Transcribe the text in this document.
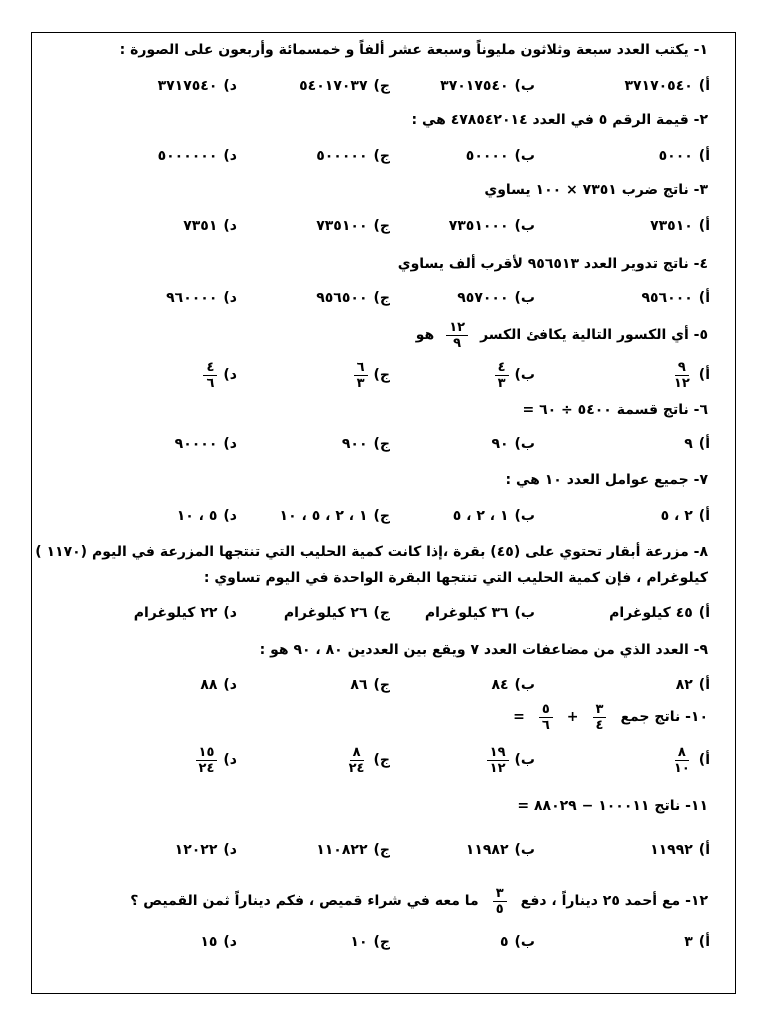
١- يكتب العدد سبعة وثلاثون مليوناً وسبعة عشر ألفاً و خمسمائة وأربعون على الصورة :
أ)
٣٧١٧٠٥٤٠
ب)
٣٧٠١٧٥٤٠
ج)
٥٤٠١٧٠٣٧
د)
٣٧١٧٥٤٠
٢- قيمة الرقم ٥ في العدد ٤٧٨٥٤٢٠١٤ هي :
أ)
٥٠٠٠
ب)
٥٠٠٠٠
ج)
٥٠٠٠٠٠
د)
٥٠٠٠٠٠٠
٣- ناتج ضرب ٧٣٥١ × ١٠٠ يساوي
أ)
٧٣٥١٠
ب)
٧٣٥١٠٠٠
ج)
٧٣٥١٠٠
د)
٧٣٥١
٤- ناتج تدوير العدد ٩٥٦٥١٣ لأقرب ألف يساوي
أ)
٩٥٦٠٠٠
ب)
٩٥٧٠٠٠
ج)
٩٥٦٥٠٠
د)
٩٦٠٠٠٠
٥- أي الكسور التالية يكافئ الكسر
$\frac{١٢}{٩}$
هو
أ)
$\frac{٩}{١٢}$
ب)
$\frac{٤}{٣}$
ج)
$\frac{٦}{٣}$
د)
$\frac{٤}{٦}$
٦- ناتج قسمة ٥٤٠٠ ÷ ٦٠ =
أ)
٩
ب)
٩٠
ج)
٩٠٠
د)
٩٠٠٠٠
٧- جميع عوامل العدد ١٠ هي :
أ)
٢ ، ٥
ب)
١ ، ٢ ، ٥
ج)
١ ، ٢ ، ٥ ، ١٠
د)
٥ ، ١٠
٨- مزرعة أبقار تحتوي على (٤٥) بقرة ،إذا كانت كمية الحليب التي تنتجها المزرعة في اليوم (١١٧٠ )
كيلوغرام ، فإن كمية الحليب التي تنتجها البقرة الواحدة في اليوم تساوي :
أ)
٤٥ كيلوغرام
ب)
٣٦ كيلوغرام
ج)
٢٦ كيلوغرام
د)
٢٢ كيلوغرام
٩- العدد الذي من مضاعفات العدد ٧ ويقع بين العددين ٨٠ ، ٩٠ هو :
أ)
٨٢
ب)
٨٤
ج)
٨٦
د)
٨٨
١٠- ناتج جمع
$\frac{٣}{٤}$
+
$\frac{٥}{٦}$
=
أ)
$\frac{٨}{١٠}$
ب)
$\frac{١٩}{١٢}$
ج)
$\frac{٨}{٢٤}$
د)
$\frac{١٥}{٢٤}$
١١- ناتج ١٠٠٠١١ − ٨٨٠٢٩ =
أ)
١١٩٩٢
ب)
١١٩٨٢
ج)
١١٠٨٢٢
د)
١٢٠٢٢
١٢- مع أحمد ٢٥ ديناراً ، دفع
$\frac{٣}{٥}$
ما معه في شراء قميص ، فكم ديناراً ثمن القميص ؟
أ)
٣
ب)
٥
ج)
١٠
د)
١٥
